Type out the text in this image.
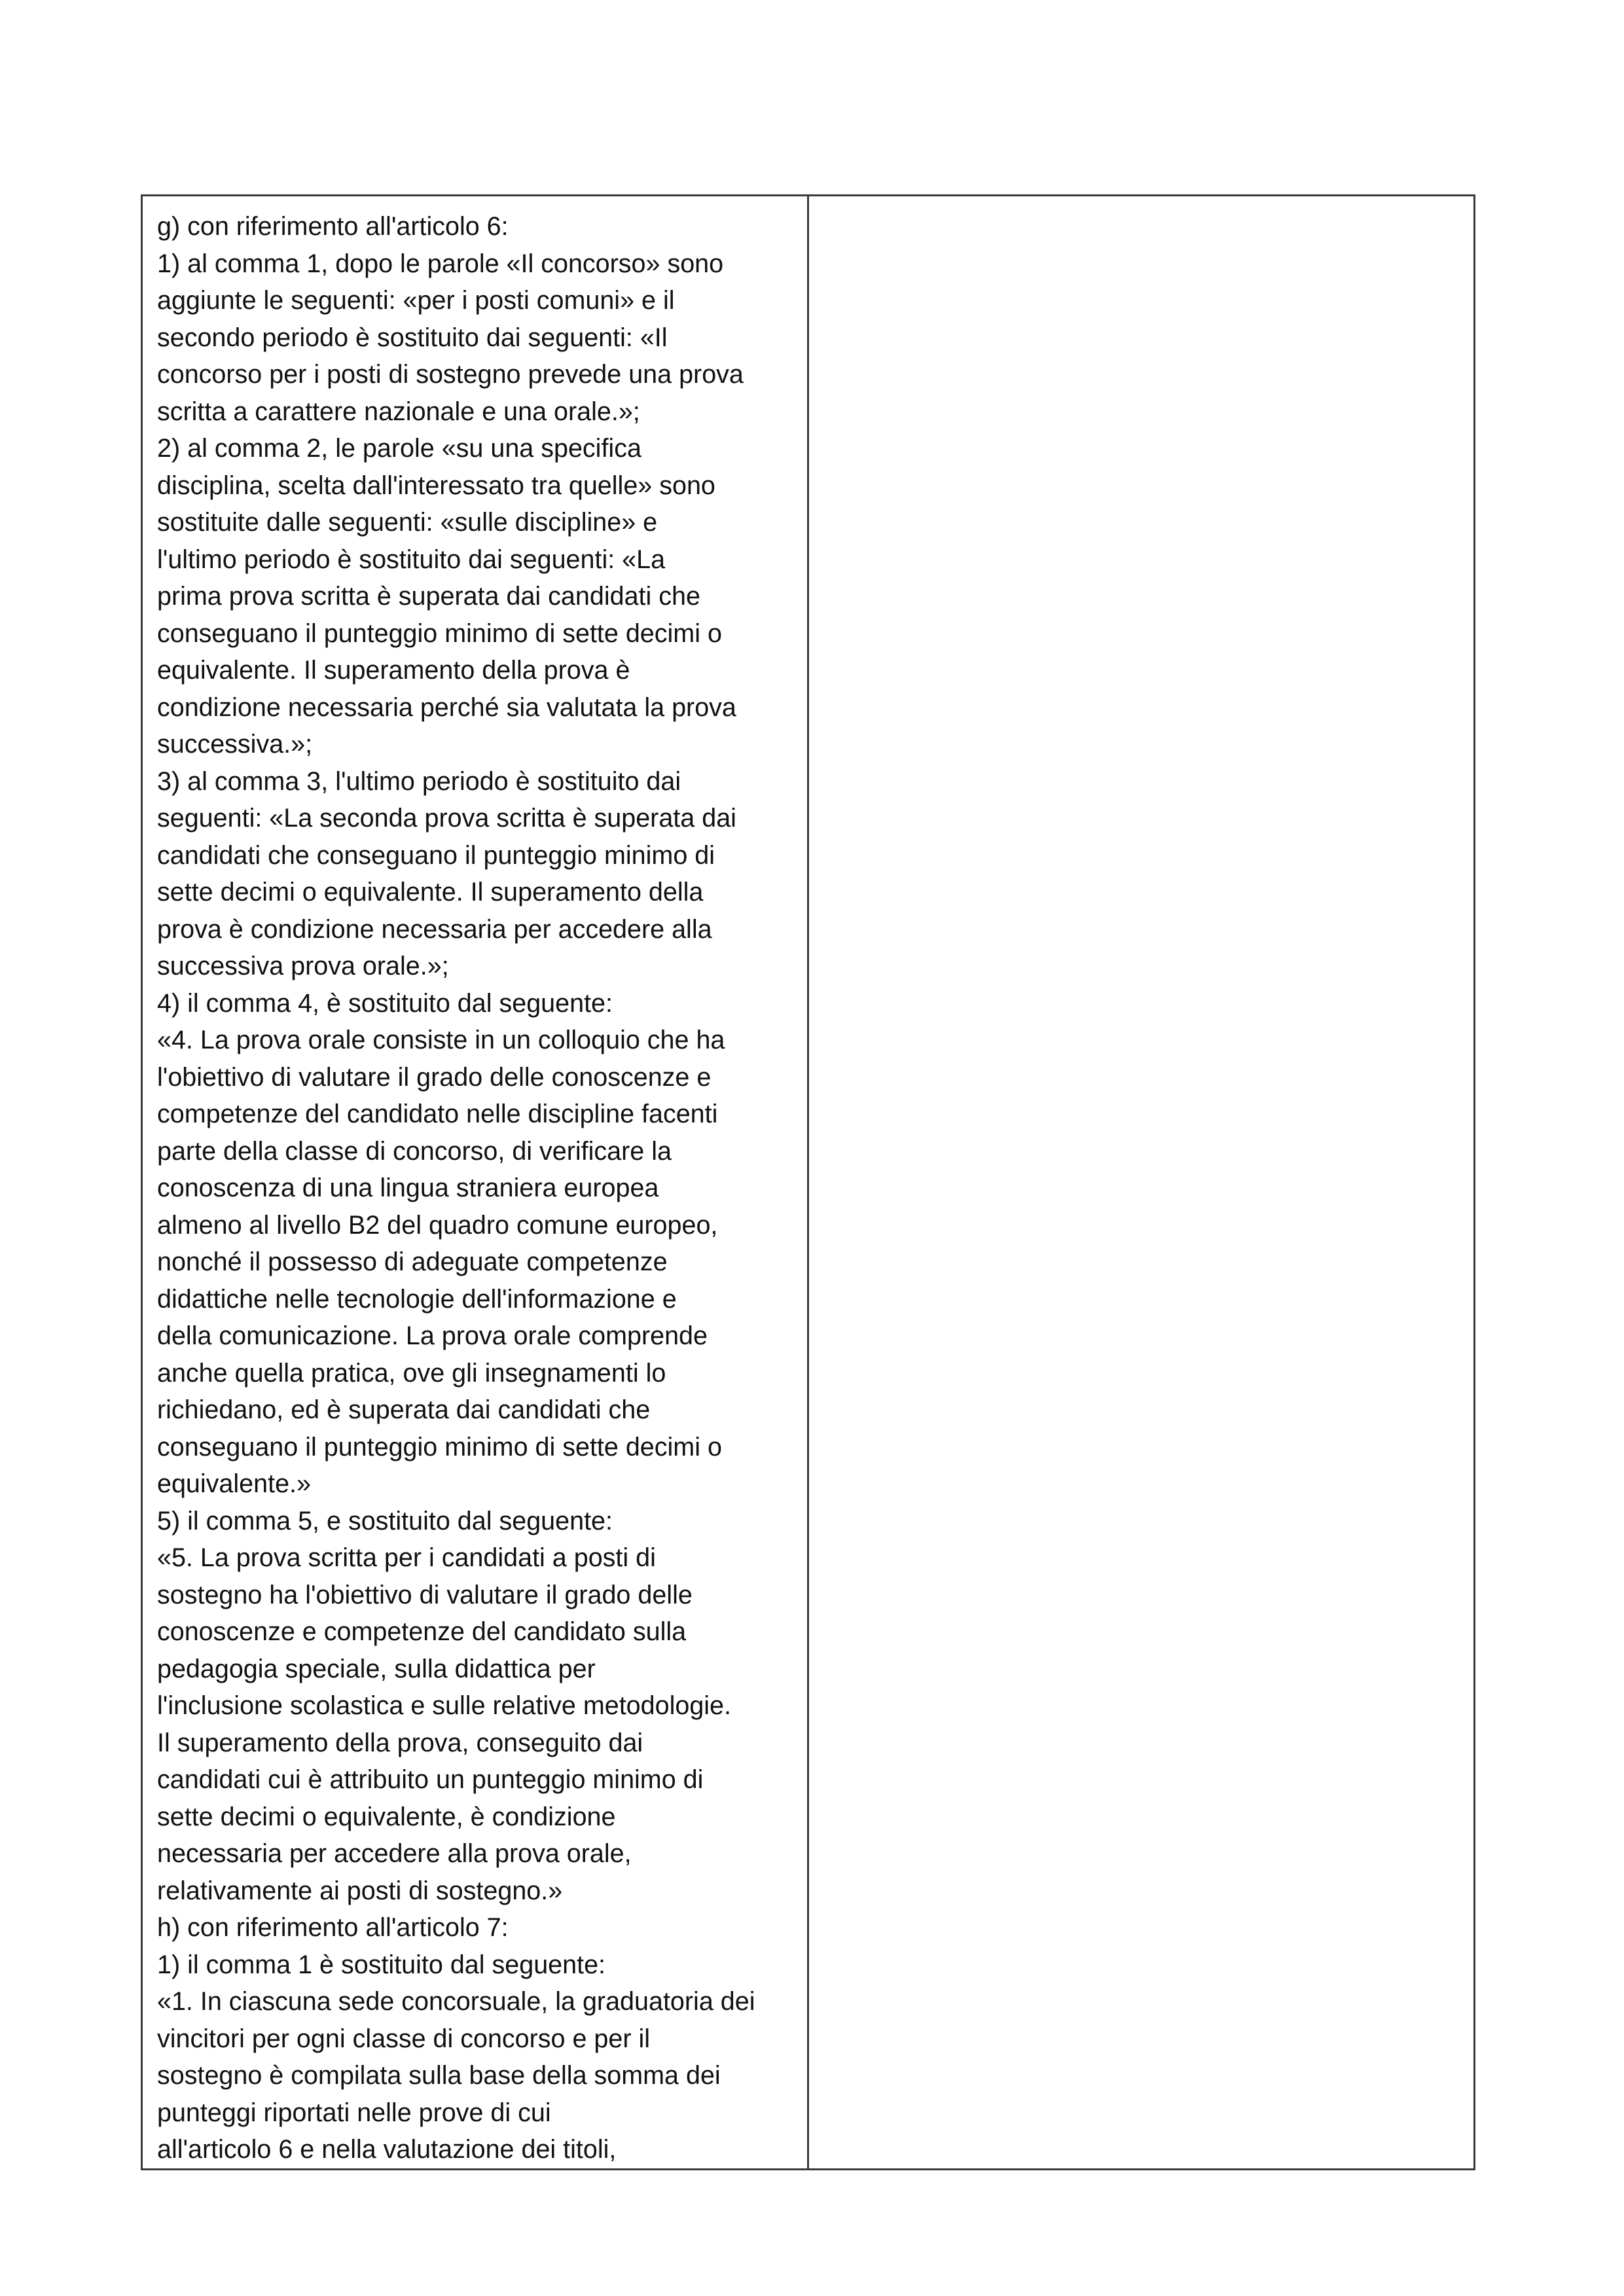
g) con riferimento all'articolo 6:
1) al comma 1, dopo le parole «Il concorso» sono
aggiunte le seguenti: «per i posti comuni» e il
secondo periodo è sostituito dai seguenti: «Il
concorso per i posti di sostegno prevede una prova
scritta a carattere nazionale e una orale.»;
2) al comma 2, le parole «su una specifica
disciplina, scelta dall'interessato tra quelle» sono
sostituite dalle seguenti: «sulle discipline» e
l'ultimo periodo è sostituito dai seguenti: «La
prima prova scritta è superata dai candidati che
conseguano il punteggio minimo di sette decimi o
equivalente. Il superamento della prova è
condizione necessaria perché sia valutata la prova
successiva.»;
3) al comma 3, l'ultimo periodo è sostituito dai
seguenti: «La seconda prova scritta è superata dai
candidati che conseguano il punteggio minimo di
sette decimi o equivalente. Il superamento della
prova è condizione necessaria per accedere alla
successiva prova orale.»;
4) il comma 4, è sostituito dal seguente:
«4. La prova orale consiste in un colloquio che ha
l'obiettivo di valutare il grado delle conoscenze e
competenze del candidato nelle discipline facenti
parte della classe di concorso, di verificare la
conoscenza di una lingua straniera europea
almeno al livello B2 del quadro comune europeo,
nonché il possesso di adeguate competenze
didattiche nelle tecnologie dell'informazione e
della comunicazione. La prova orale comprende
anche quella pratica, ove gli insegnamenti lo
richiedano, ed è superata dai candidati che
conseguano il punteggio minimo di sette decimi o
equivalente.»
5) il comma 5, e sostituito dal seguente:
«5. La prova scritta per i candidati a posti di
sostegno ha l'obiettivo di valutare il grado delle
conoscenze e competenze del candidato sulla
pedagogia speciale, sulla didattica per
l'inclusione scolastica e sulle relative metodologie.
Il superamento della prova, conseguito dai
candidati cui è attribuito un punteggio minimo di
sette decimi o equivalente, è condizione
necessaria per accedere alla prova orale,
relativamente ai posti di sostegno.»
h) con riferimento all'articolo 7:
1) il comma 1 è sostituito dal seguente:
«1. In ciascuna sede concorsuale, la graduatoria dei
vincitori per ogni classe di concorso e per il
sostegno è compilata sulla base della somma dei
punteggi riportati nelle prove di cui
all'articolo 6 e nella valutazione dei titoli,
